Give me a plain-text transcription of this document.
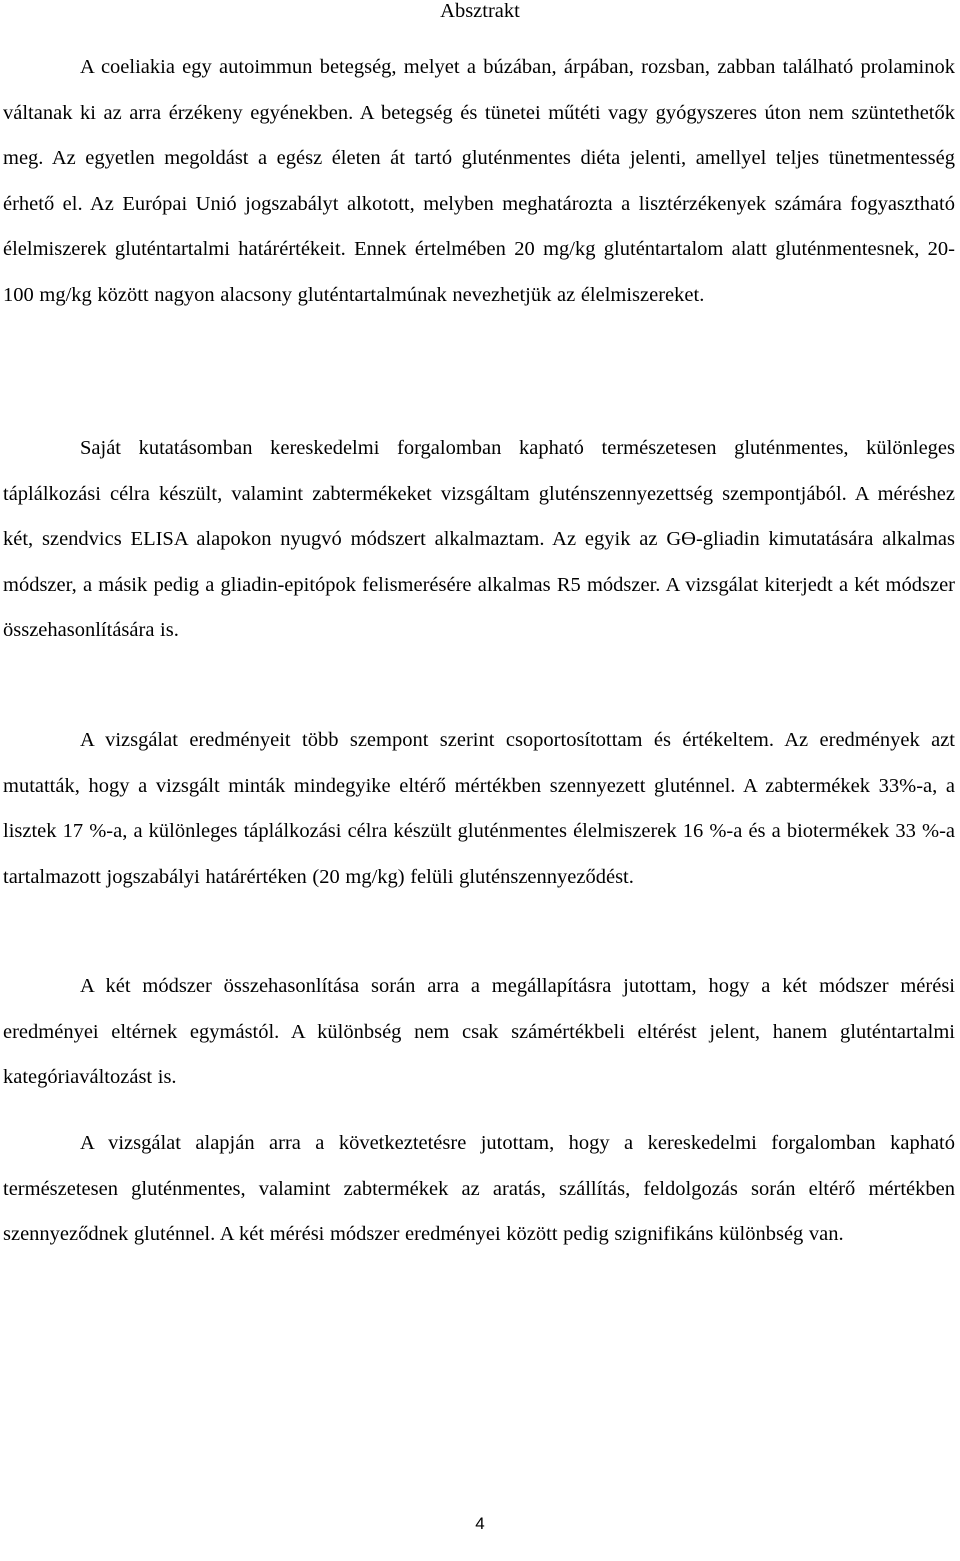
Absztrakt

A coeliakia egy autoimmun betegség, melyet a búzában, árpában, rozsban, zabban található prolaminok váltanak ki az arra érzékeny egyénekben. A betegség és tünetei műtéti vagy gyógyszeres úton nem szüntethetők meg. Az egyetlen megoldást a egész életen át tartó gluténmentes diéta jelenti, amellyel teljes tünetmentesség érhető el. Az Európai Unió jogszabályt alkotott, melyben meghatározta a lisztérzékenyek számára fogyasztható élelmiszerek gluténtartalmi határértékeit. Ennek értelmében 20 mg/kg gluténtartalom alatt gluténmentesnek, 20-100 mg/kg között nagyon alacsony gluténtartalmúnak nevezhetjük az élelmiszereket.

Saját kutatásomban kereskedelmi forgalomban kapható természetesen gluténmentes, különleges táplálkozási célra készült, valamint zabtermékeket vizsgáltam gluténszennyezettség szempontjából. A méréshez két, szendvics ELISA alapokon nyugvó módszert alkalmaztam. Az egyik az Gϴ-gliadin kimutatására alkalmas módszer, a másik pedig a gliadin-epitópok felismerésére alkalmas R5 módszer. A vizsgálat kiterjedt a két módszer összehasonlítására is.

A vizsgálat eredményeit több szempont szerint csoportosítottam és értékeltem. Az eredmények azt mutatták, hogy a vizsgált minták mindegyike eltérő mértékben szennyezett gluténnel. A zabtermékek 33%-a, a lisztek 17 %-a, a különleges táplálkozási célra készült gluténmentes élelmiszerek 16 %-a és a biotermékek 33 %-a tartalmazott jogszabályi határértéken (20 mg/kg) felüli gluténszennyeződést.

A két módszer összehasonlítása során arra a megállapításra jutottam, hogy a két módszer mérési eredményei eltérnek egymástól. A különbség nem csak számértékbeli eltérést jelent, hanem gluténtartalmi kategóriaváltozást is.

A vizsgálat alapján arra a következtetésre jutottam, hogy a kereskedelmi forgalomban kapható természetesen gluténmentes, valamint zabtermékek az aratás, szállítás, feldolgozás során eltérő mértékben szennyeződnek gluténnel. A két mérési módszer eredményei között pedig szignifikáns különbség van.

4
